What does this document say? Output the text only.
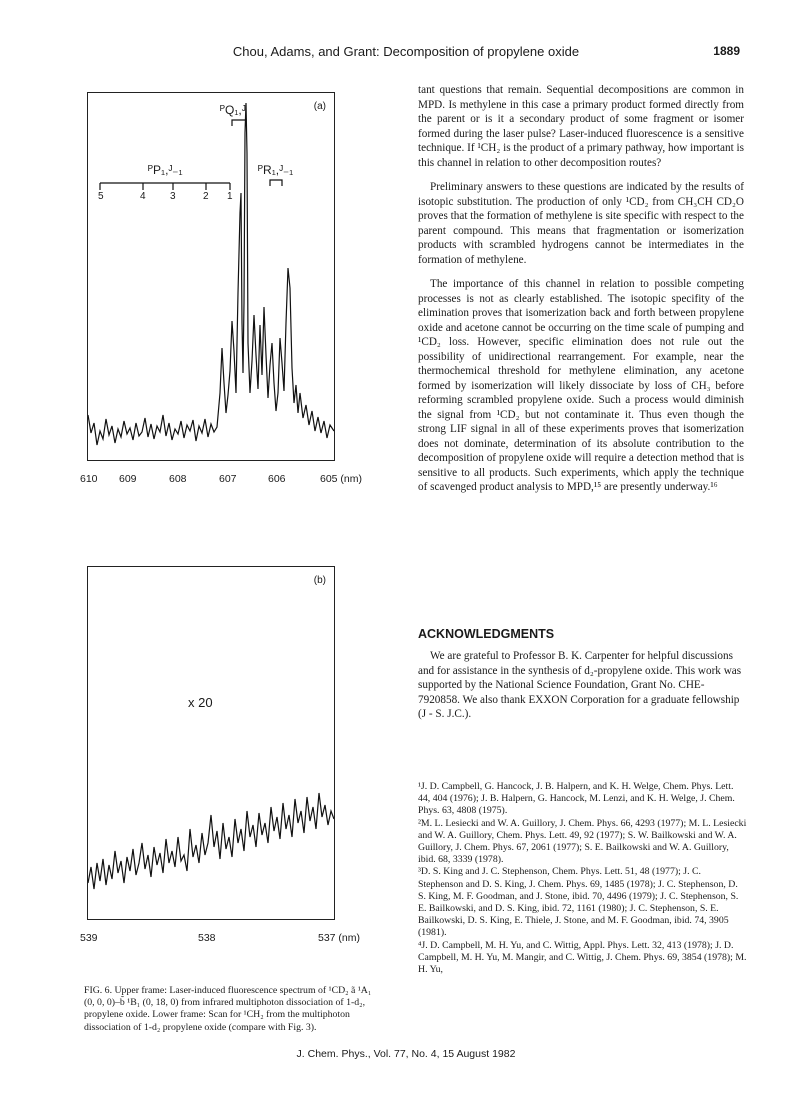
Chou, Adams, and Grant: Decomposition of propylene oxide	1889
(a)
ᴾQ₁,ᴶ
ᴾP₁,ᴶ₋₁	ᴾR₁,ᴶ₋₁
5	4 3	2 1
610 609	608	607	606	605 (nm)
(b)
x 20
539	538	537 (nm)
FIG. 6. Upper frame: Laser-induced fluorescence spectrum of ¹CD₂ ã ¹A₁ (0, 0, 0)–b̃ ¹B₁ (0, 18, 0) from infrared multiphoton dissociation of 1-d₂, propylene oxide. Lower frame: Scan for ¹CH₂ from the multiphoton dissociation of 1-d₂ propylene oxide (compare with Fig. 3).

tant questions that remain. Sequential decompositions are common in MPD. Is methylene in this case a primary product formed directly from the parent or is it a secondary product of some fragment or isomer formed during the laser pulse? Laser-induced fluorescence is a sensitive technique. If ¹CH₂ is the product of a primary pathway, how important is this channel in relation to other decomposition routes?

Preliminary answers to these questions are indicated by the results of isotopic substitution. The production of only ¹CD₂ from CH₃CH CD₂O proves that the formation of methylene is site specific with respect to the parent compound. This means that fragmentation or isomerization products with scrambled hydrogens cannot be intermediates in the formation of methylene.

The importance of this channel in relation to possible competing processes is not as clearly established. The isotopic specifity of the elimination proves that isomerization back and forth between propylene oxide and acetone cannot be occurring on the time scale of pumping and ¹CD₂ loss. However, specific elimination does not rule out the possibility of unidirectional rearrangement. For example, near the thermochemical threshold for methylene elimination, any acetone formed by isomerization will likely dissociate by loss of CH₃ before reforming scrambled propylene oxide. Such a process would diminish the signal from ¹CD₂ but not contaminate it. Thus even though the strong LIF signal in all of these experiments proves that isomerization does not dominate, determination of its absolute contribution to the decomposition of propylene oxide will require a detection method that is sensitive to all products. Such experiments, which apply the technique of scavenged product analysis to MPD,¹⁵ are presently underway.¹⁶

ACKNOWLEDGMENTS
We are grateful to Professor B. K. Carpenter for helpful discussions and for assistance in the synthesis of d₂-propylene oxide. This work was supported by the National Science Foundation, Grant No. CHE-7920858. We also thank EXXON Corporation for a graduate fellowship (J - S. J.C.).

¹J. D. Campbell, G. Hancock, J. B. Halpern, and K. H. Welge, Chem. Phys. Lett. 44, 404 (1976); J. B. Halpern, G. Hancock, M. Lenzi, and K. H. Welge, J. Chem. Phys. 63, 4808 (1975).

²M. L. Lesiecki and W. A. Guillory, J. Chem. Phys. 66, 4293 (1977); M. L. Lesiecki and W. A. Guillory, Chem. Phys. Lett. 49, 92 (1977); S. W. Bailkowski and W. A. Guillory, J. Chem. Phys. 67, 2061 (1977); S. E. Bailkowski and W. A. Guillory, ibid. 68, 3339 (1978).

³D. S. King and J. C. Stephenson, Chem. Phys. Lett. 51, 48 (1977); J. C. Stephenson and D. S. King, J. Chem. Phys. 69, 1485 (1978); J. C. Stephenson, D. S. King, M. F. Goodman, and J. Stone, ibid. 70, 4496 (1979); J. C. Stephenson, S. E. Bailkowski, and D. S. King, ibid. 72, 1161 (1980); J. C. Stephenson, S. E. Bailkowski, D. S. King, E. Thiele, J. Stone, and M. F. Goodman, ibid. 74, 3905 (1981).

⁴J. D. Campbell, M. H. Yu, and C. Wittig, Appl. Phys. Lett. 32, 413 (1978); J. D. Campbell, M. H. Yu, M. Mangir, and C. Wittig, J. Chem. Phys. 69, 3854 (1978); M. H. Yu,

J. Chem. Phys., Vol. 77, No. 4, 15 August 1982
